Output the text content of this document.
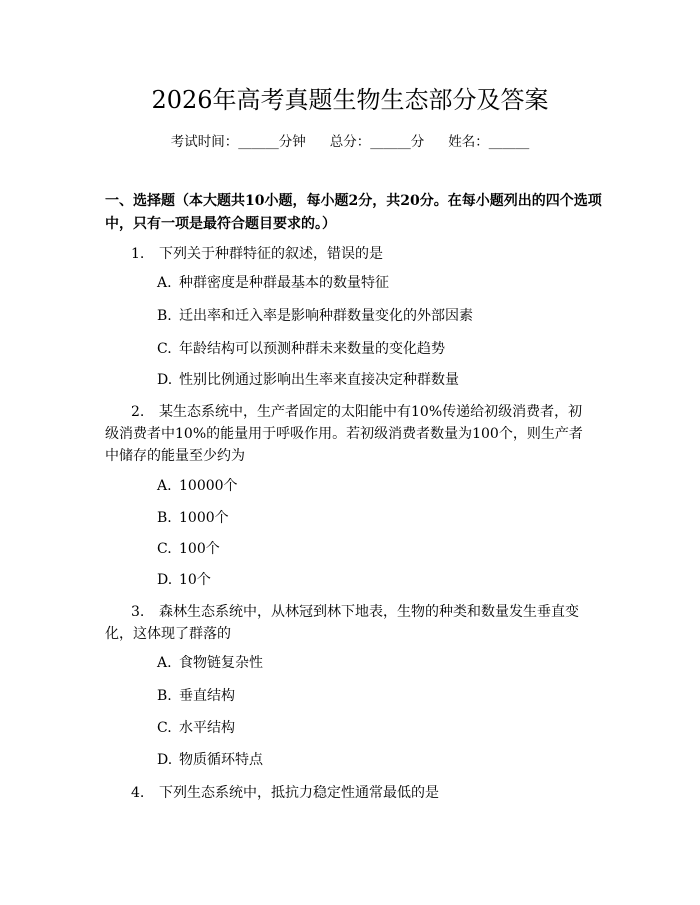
2026年高考真题生物生态部分及答案
考试时间：______分钟 总分：______分 姓名：______
一、选择题（本大题共10小题，每小题2分，共20分。在每小题列出的四个选项中，只有一项是最符合题目要求的。）
1. 下列关于种群特征的叙述，错误的是
A. 种群密度是种群最基本的数量特征
B. 迁出率和迁入率是影响种群数量变化的外部因素
C. 年龄结构可以预测种群未来数量的变化趋势
D. 性别比例通过影响出生率来直接决定种群数量
2. 某生态系统中，生产者固定的太阳能中有10%传递给初级消费者，初级消费者中10%的能量用于呼吸作用。若初级消费者数量为100个，则生产者中储存的能量至少约为
A. 10000个
B. 1000个
C. 100个
D. 10个
3. 森林生态系统中，从林冠到林下地表，生物的种类和数量发生垂直变化，这体现了群落的
A. 食物链复杂性
B. 垂直结构
C. 水平结构
D. 物质循环特点
4. 下列生态系统中，抵抗力稳定性通常最低的是
